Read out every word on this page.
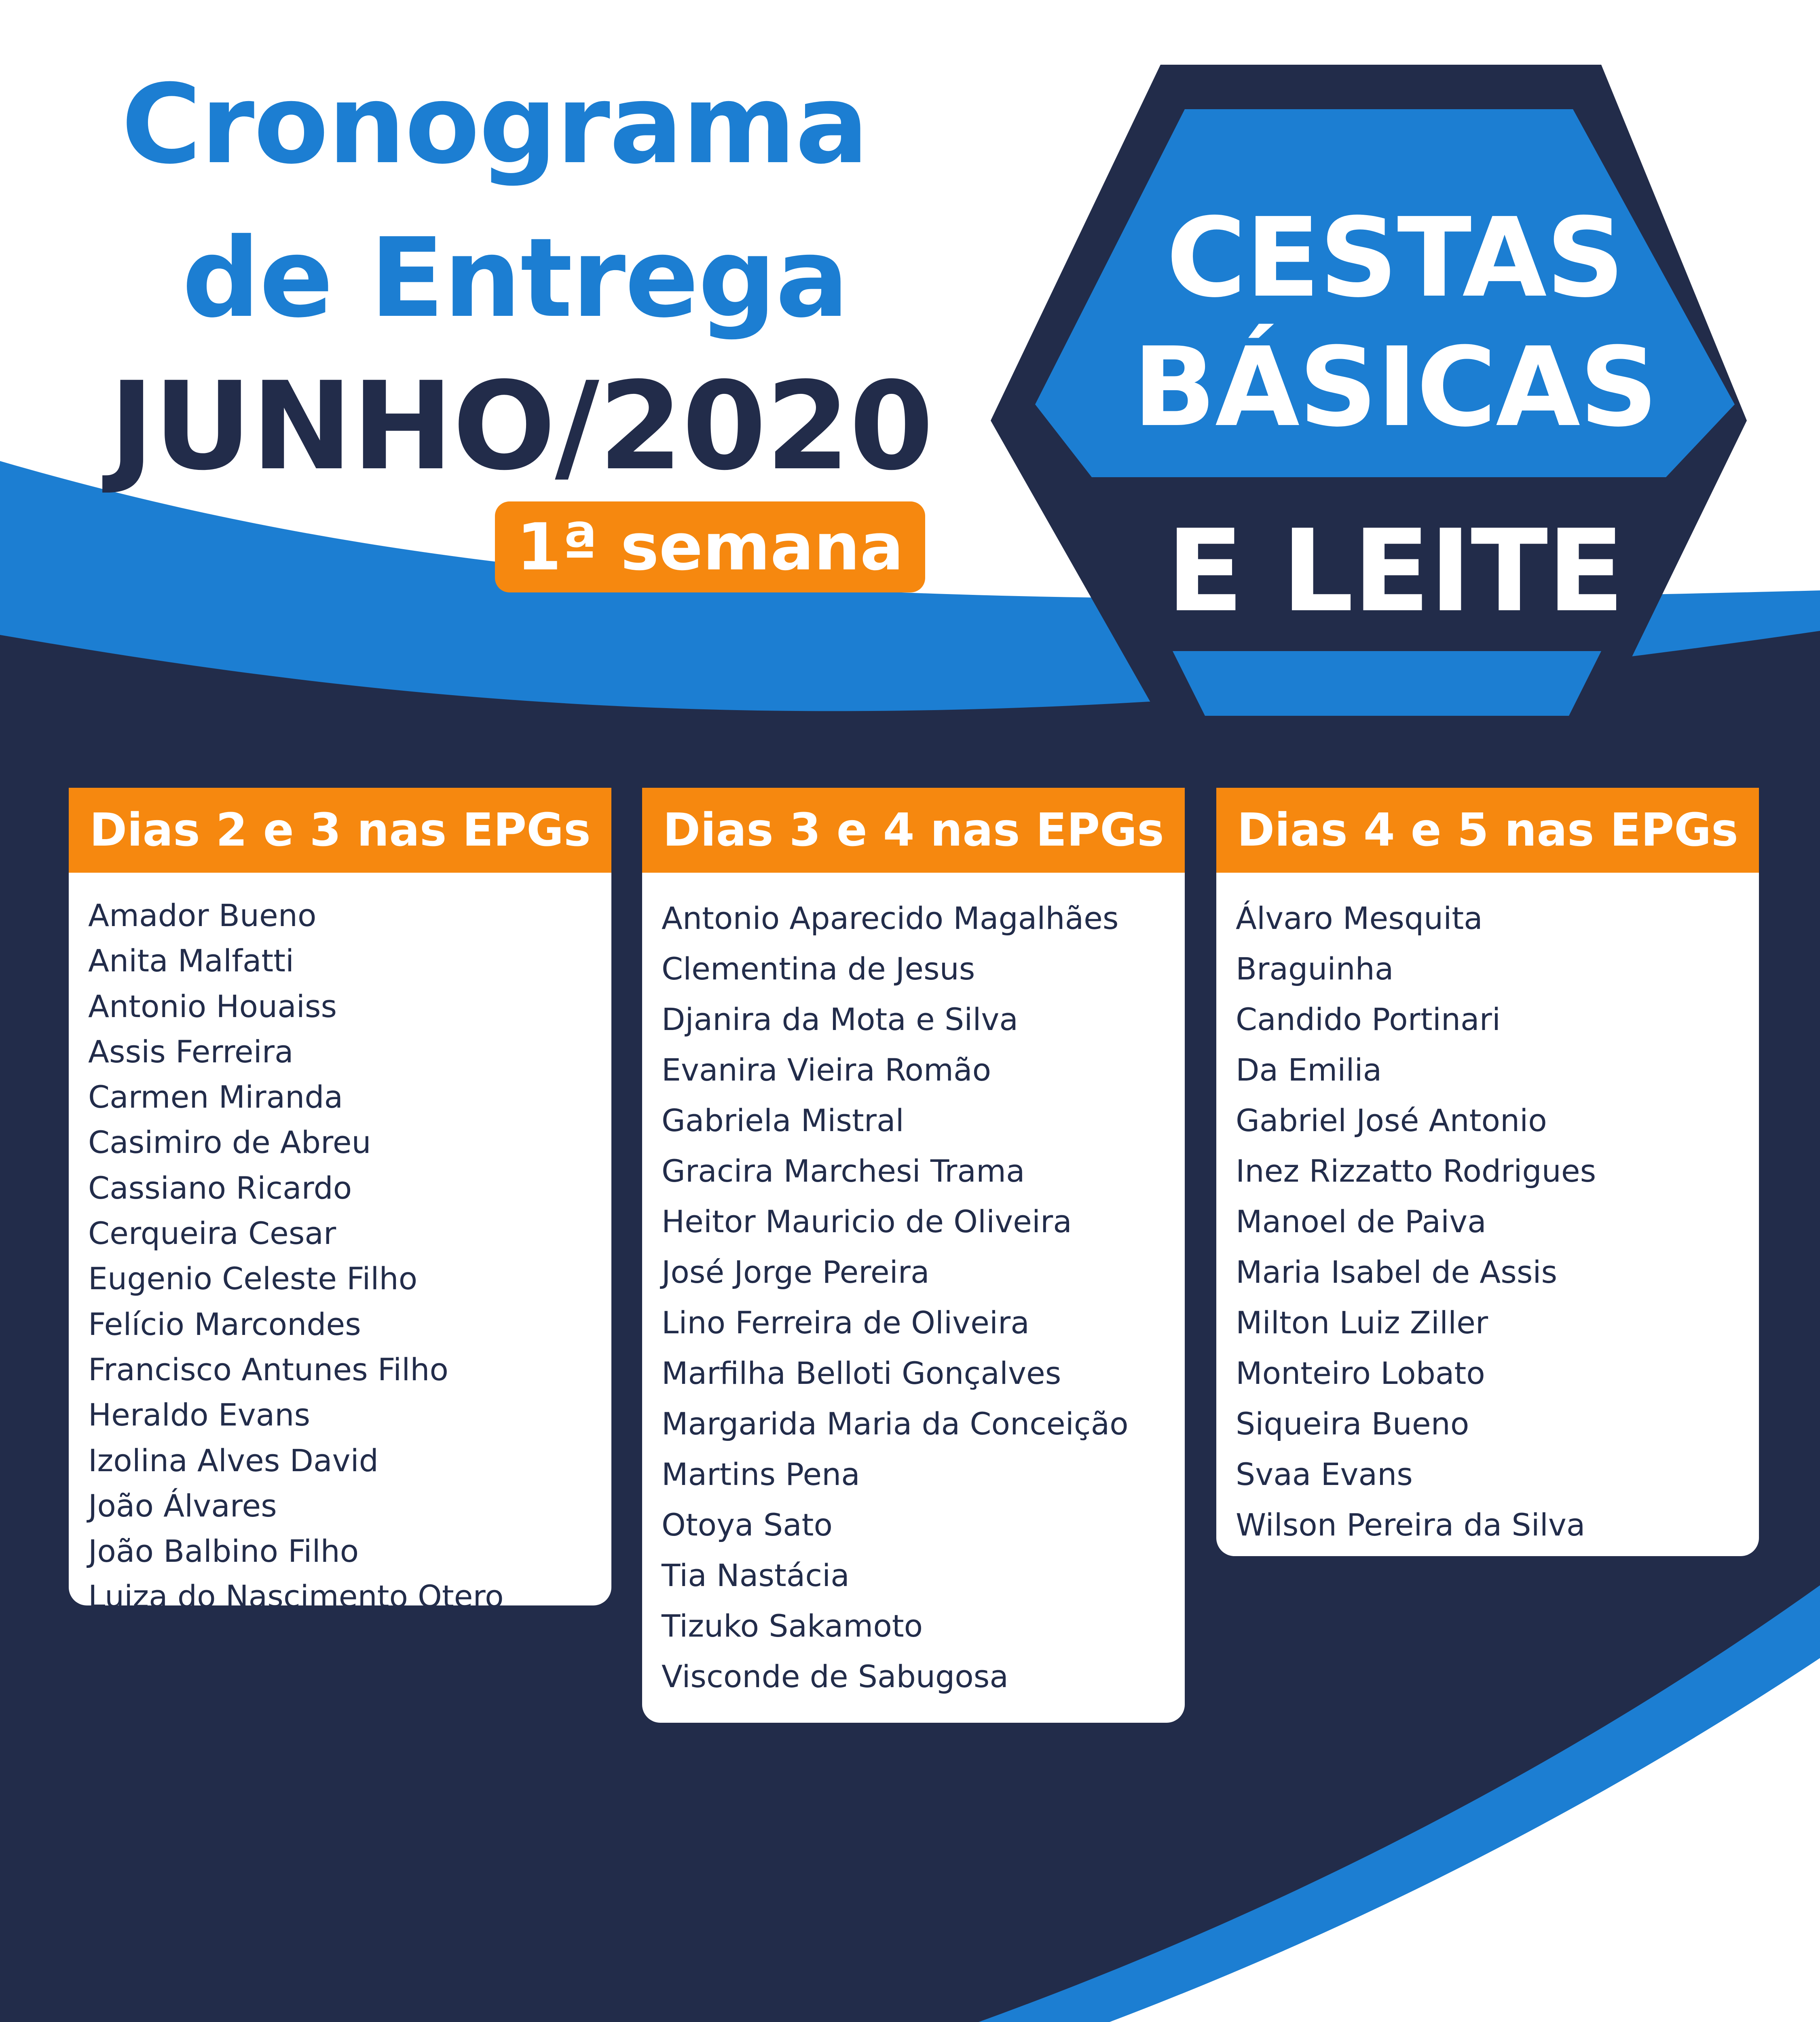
Cronograma
de Entrega
JUNHO/2020
1ª semana
CESTAS
BÁSICAS
E LEITE
Dias 2 e 3 nas EPGs
Amador Bueno
Anita Malfatti
Antonio Houaiss
Assis Ferreira
Carmen Miranda
Casimiro de Abreu
Cassiano Ricardo
Cerqueira Cesar
Eugenio Celeste Filho
Felício Marcondes
Francisco Antunes Filho
Heraldo Evans
Izolina Alves David
João Álvares
João Balbino Filho
Luiza do Nascimento Otero
Marlene A. de Carvalho Martins
Monica Aparecida Moredo
Noel Rosa
Olavo Bilac
Raul Cortez
Rubem Alves
Selma Colalillo Marques
Tia Carmela
Dias 3 e 4 nas EPGs
Antonio Aparecido Magalhães
Clementina de Jesus
Djanira da Mota e Silva
Evanira Vieira Romão
Gabriela Mistral
Gracira Marchesi Trama
Heitor Mauricio de Oliveira
José Jorge Pereira
Lino Ferreira de Oliveira
Marfilha Belloti Gonçalves
Margarida Maria da Conceição
Martins Pena
Otoya Sato
Tia Nastácia
Tizuko Sakamoto
Visconde de Sabugosa
Dias 4 e 5 nas EPGs
Álvaro Mesquita
Braguinha
Candido Portinari
Da Emilia
Gabriel José Antonio
Inez Rizzatto Rodrigues
Manoel de Paiva
Maria Isabel de Assis
Milton Luiz Ziller
Monteiro Lobato
Siqueira Bueno
Svaa Evans
Wilson Pereira da Silva
